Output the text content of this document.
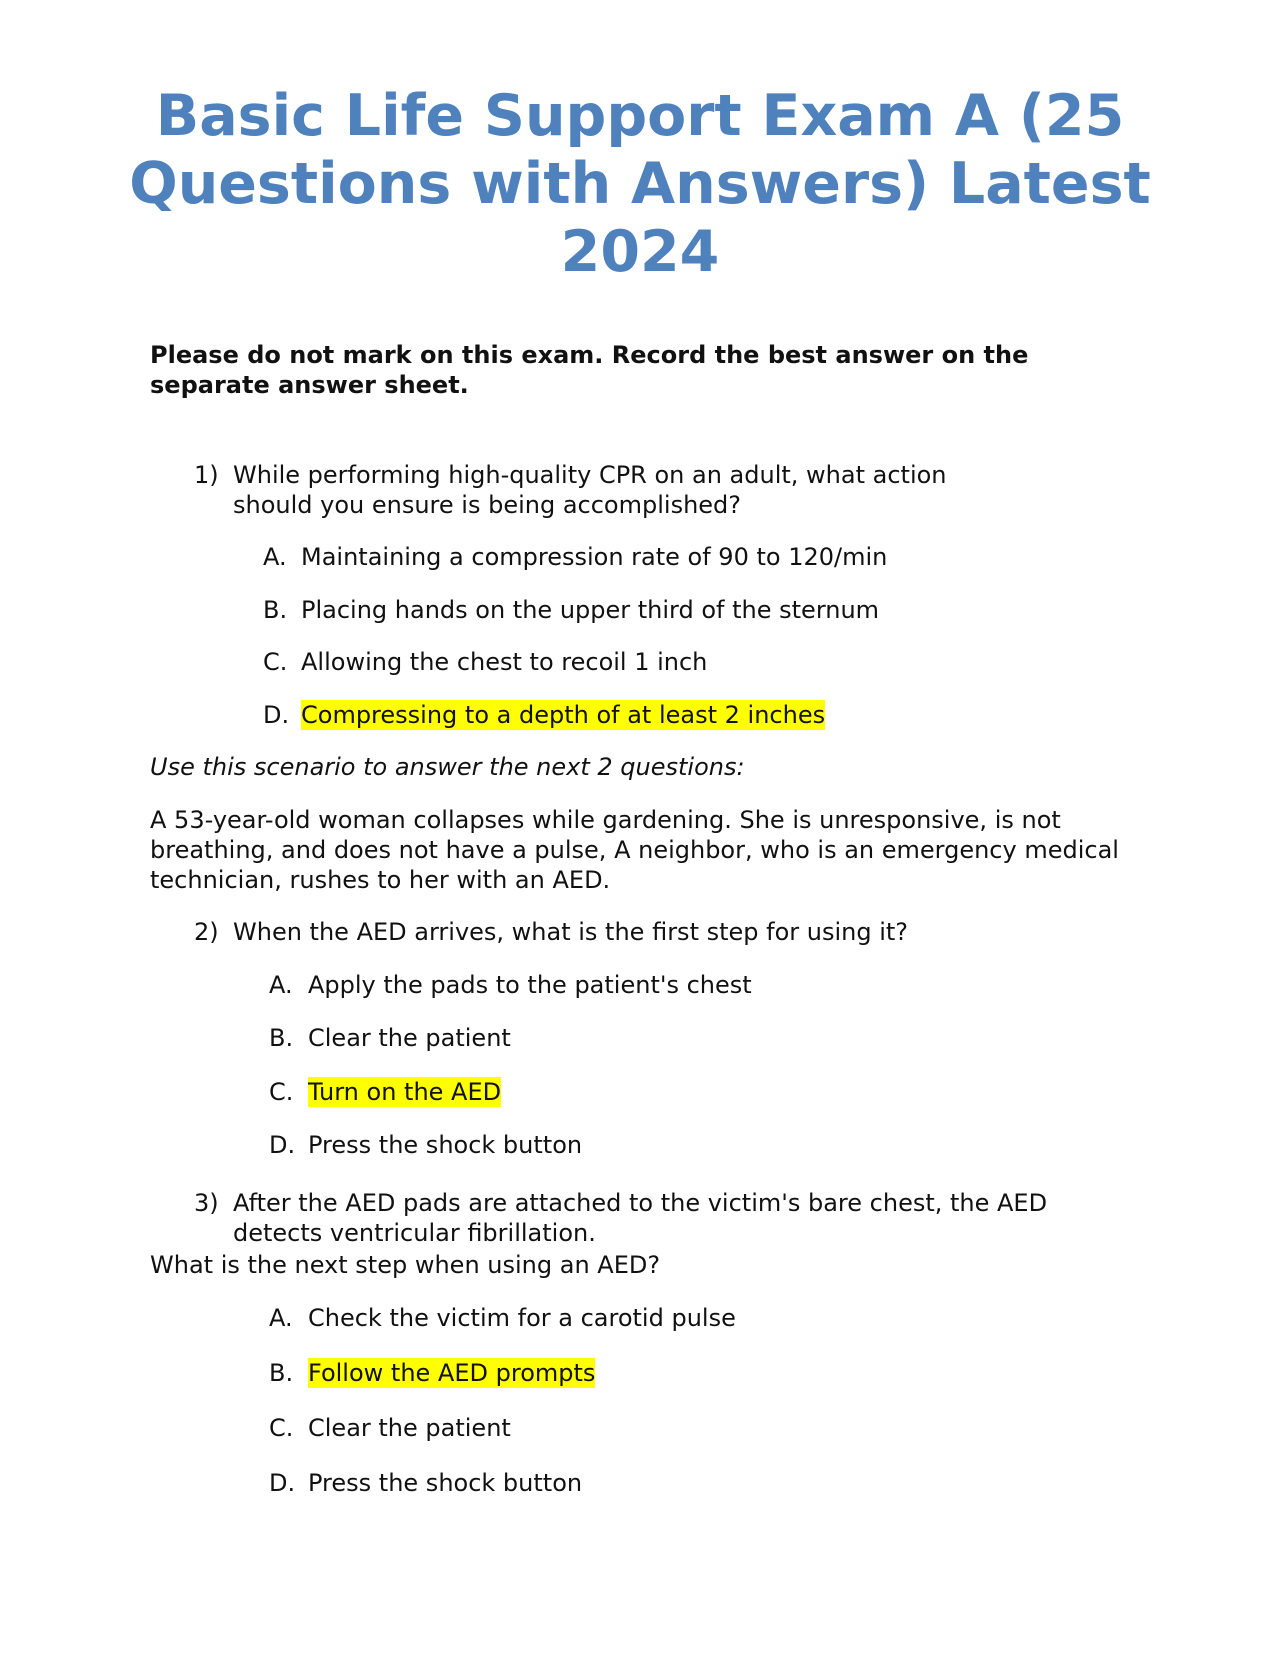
Basic Life Support Exam A (25 Questions with Answers) Latest 2024

Please do not mark on this exam. Record the best answer on the separate answer sheet.

1) While performing high-quality CPR on an adult, what action should you ensure is being accomplished?
A. Maintaining a compression rate of 90 to 120/min
B. Placing hands on the upper third of the sternum
C. Allowing the chest to recoil 1 inch
D. Compressing to a depth of at least 2 inches

Use this scenario to answer the next 2 questions:

A 53-year-old woman collapses while gardening. She is unresponsive, is not breathing, and does not have a pulse, A neighbor, who is an emergency medical technician, rushes to her with an AED.

2) When the AED arrives, what is the first step for using it?
A. Apply the pads to the patient's chest
B. Clear the patient
C. Turn on the AED
D. Press the shock button
3) After the AED pads are attached to the victim's bare chest, the AED detects ventricular fibrillation.
What is the next step when using an AED?
A. Check the victim for a carotid pulse
B. Follow the AED prompts
C. Clear the patient
D. Press the shock button
